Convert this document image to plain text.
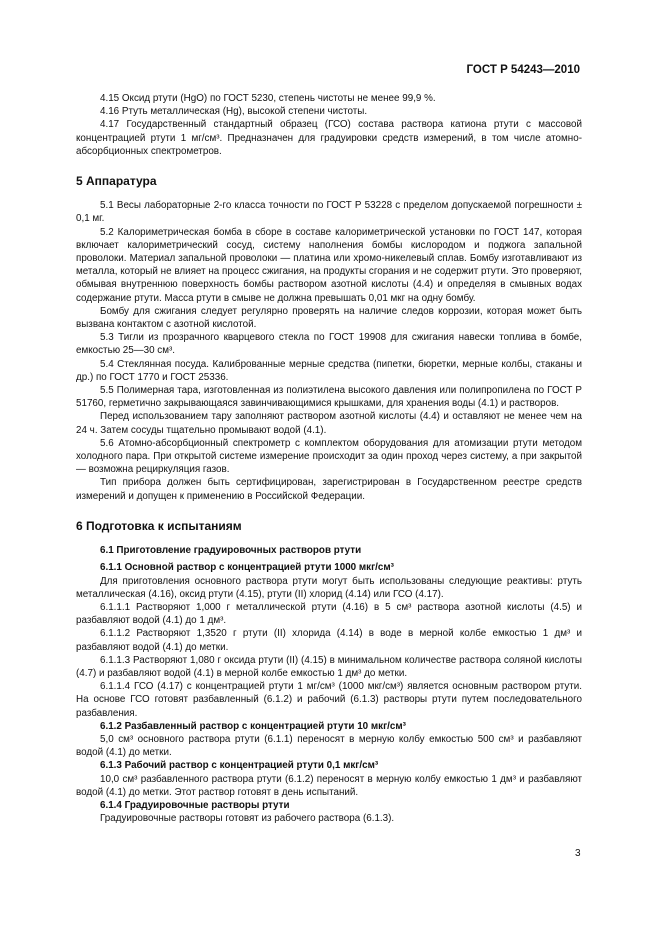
ГОСТ Р 54243—2010

4.15 Оксид ртути (HgO) по ГОСТ 5230, степень чистоты не менее 99,9 %.

4.16 Ртуть металлическая (Hg), высокой степени чистоты.

4.17 Государственный стандартный образец (ГСО) состава раствора катиона ртути с массовой концентрацией ртути 1 мг/см³. Предназначен для градуировки средств измерений, в том числе атомно-абсорбционных спектрометров.

5 Аппаратура

5.1 Весы лабораторные 2-го класса точности по ГОСТ Р 53228 с пределом допускаемой погрешности ± 0,1 мг.

5.2 Калориметрическая бомба в сборе в составе калориметрической установки по ГОСТ 147, которая включает калориметрический сосуд, систему наполнения бомбы кислородом и поджога запальной проволоки. Материал запальной проволоки — платина или хромо-никелевый сплав. Бомбу изготавливают из металла, который не влияет на процесс сжигания, на продукты сгорания и не содержит ртути. Это проверяют, обмывая внутреннюю поверхность бомбы раствором азотной кислоты (4.4) и определяя в смывных водах содержание ртути. Масса ртути в смыве не должна превышать 0,01 мкг на одну бомбу.

Бомбу для сжигания следует регулярно проверять на наличие следов коррозии, которая может быть вызвана контактом с азотной кислотой.

5.3 Тигли из прозрачного кварцевого стекла по ГОСТ 19908 для сжигания навески топлива в бомбе, емкостью 25—30 см³.

5.4 Стеклянная посуда. Калиброванные мерные средства (пипетки, бюретки, мерные колбы, стаканы и др.) по ГОСТ 1770 и ГОСТ 25336.

5.5 Полимерная тара, изготовленная из полиэтилена высокого давления или полипропилена по ГОСТ Р 51760, герметично закрывающаяся завинчивающимися крышками, для хранения воды (4.1) и растворов.

Перед использованием тару заполняют раствором азотной кислоты (4.4) и оставляют не менее чем на 24 ч. Затем сосуды тщательно промывают водой (4.1).

5.6 Атомно-абсорбционный спектрометр с комплектом оборудования для атомизации ртути методом холодного пара. При открытой системе измерение происходит за один проход через систему, а при закрытой — возможна рециркуляция газов.

Тип прибора должен быть сертифицирован, зарегистрирован в Государственном реестре средств измерений и допущен к применению в Российской Федерации.

6 Подготовка к испытаниям

6.1 Приготовление градуировочных растворов ртути

6.1.1 Основной раствор с концентрацией ртути 1000 мкг/см³

Для приготовления основного раствора ртути могут быть использованы следующие реактивы: ртуть металлическая (4.16), оксид ртути (4.15), ртути (II) хлорид (4.14) или ГСО (4.17).

6.1.1.1 Растворяют 1,000 г металлической ртути (4.16) в 5 см³ раствора азотной кислоты (4.5) и разбавляют водой (4.1) до 1 дм³.

6.1.1.2 Растворяют 1,3520 г ртути (II) хлорида (4.14) в воде в мерной колбе емкостью 1 дм³ и разбавляют водой (4.1) до метки.

6.1.1.3 Растворяют 1,080 г оксида ртути (II) (4.15) в минимальном количестве раствора соляной кислоты (4.7) и разбавляют водой (4.1) в мерной колбе емкостью 1 дм³ до метки.

6.1.1.4 ГСО (4.17) с концентрацией ртути 1 мг/см³ (1000 мкг/см³) является основным раствором ртути. На основе ГСО готовят разбавленный (6.1.2) и рабочий (6.1.3) растворы ртути путем последовательного разбавления.

6.1.2 Разбавленный раствор с концентрацией ртути 10 мкг/см³

5,0 см³ основного раствора ртути (6.1.1) переносят в мерную колбу емкостью 500 см³ и разбавляют водой (4.1) до метки.

6.1.3 Рабочий раствор с концентрацией ртути 0,1 мкг/см³

10,0 см³ разбавленного раствора ртути (6.1.2) переносят в мерную колбу емкостью 1 дм³ и разбавляют водой (4.1) до метки. Этот раствор готовят в день испытаний.

6.1.4 Градуировочные растворы ртути

Градуировочные растворы готовят из рабочего раствора (6.1.3).

3
